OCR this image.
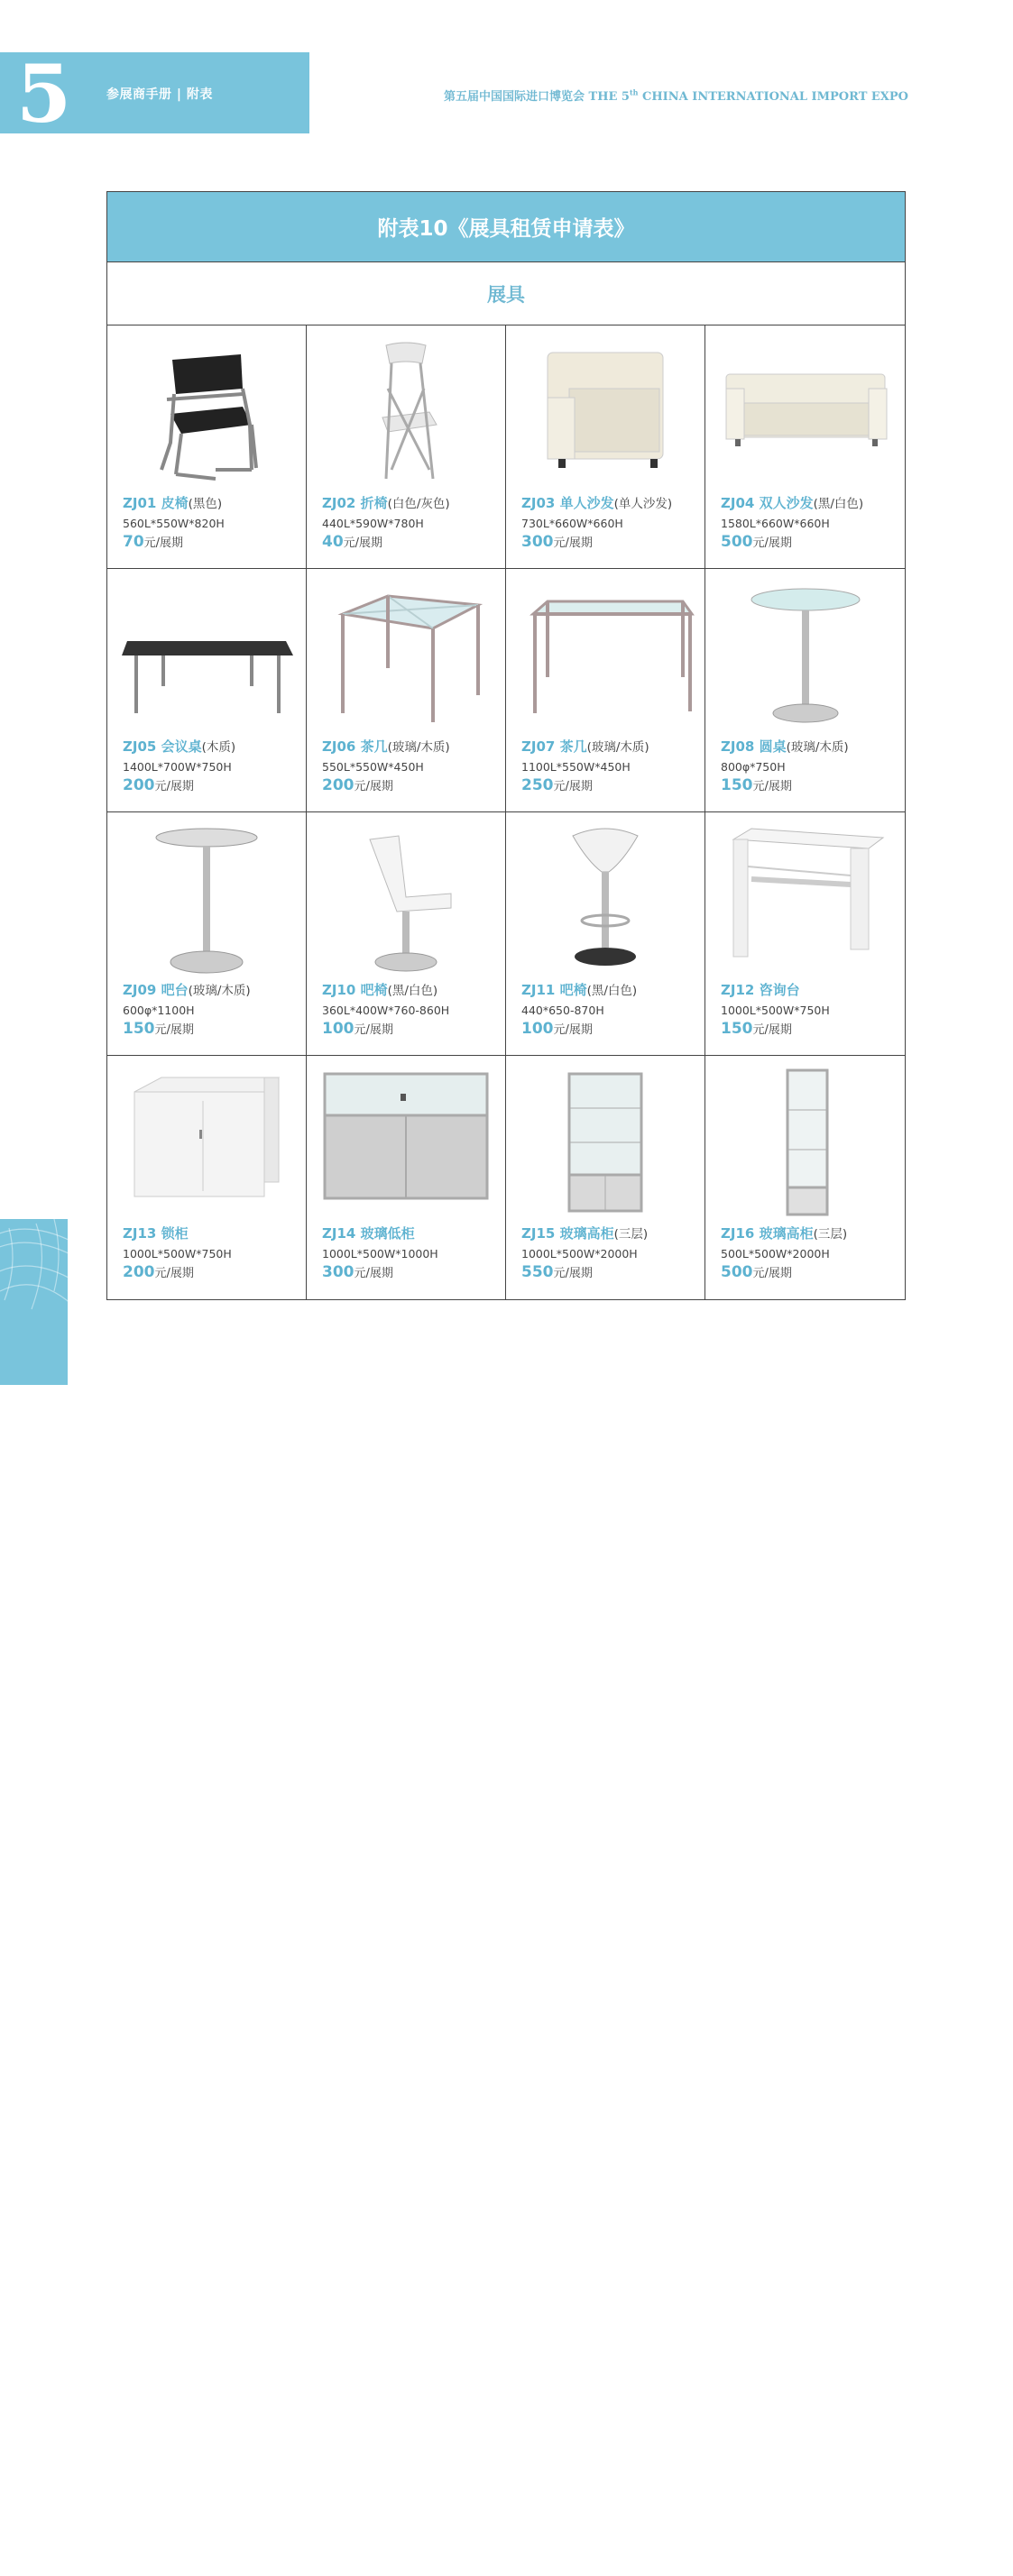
5	参展商手册 | 附表	第五届中国国际进口博览会 THE 5th CHINA INTERNATIONAL IMPORT EXPO
附表10《展具租赁申请表》
展具
ZJ01 皮椅(黑色)
560L*550W*820H
70元/展期
ZJ02 折椅(白色/灰色)
440L*590W*780H
40元/展期
ZJ03 单人沙发(单人沙发)
730L*660W*660H
300元/展期
ZJ04 双人沙发(黑/白色)
1580L*660W*660H
500元/展期
ZJ05 会议桌(木质)
1400L*700W*750H
200元/展期
ZJ06 茶几(玻璃/木质)
550L*550W*450H
200元/展期
ZJ07 茶几(玻璃/木质)
1100L*550W*450H
250元/展期
ZJ08 圆桌(玻璃/木质)
800φ*750H
150元/展期
ZJ09 吧台(玻璃/木质)
600φ*1100H
150元/展期
ZJ10 吧椅(黑/白色)
360L*400W*760-860H
100元/展期
ZJ11 吧椅(黑/白色)
440*650-870H
100元/展期
ZJ12 咨询台
1000L*500W*750H
150元/展期
ZJ13 锁柜
1000L*500W*750H
200元/展期
ZJ14 玻璃低柜
1000L*500W*1000H
300元/展期
ZJ15 玻璃高柜(三层)
1000L*500W*2000H
550元/展期
ZJ16 玻璃高柜(三层)
500L*500W*2000H
500元/展期
156
